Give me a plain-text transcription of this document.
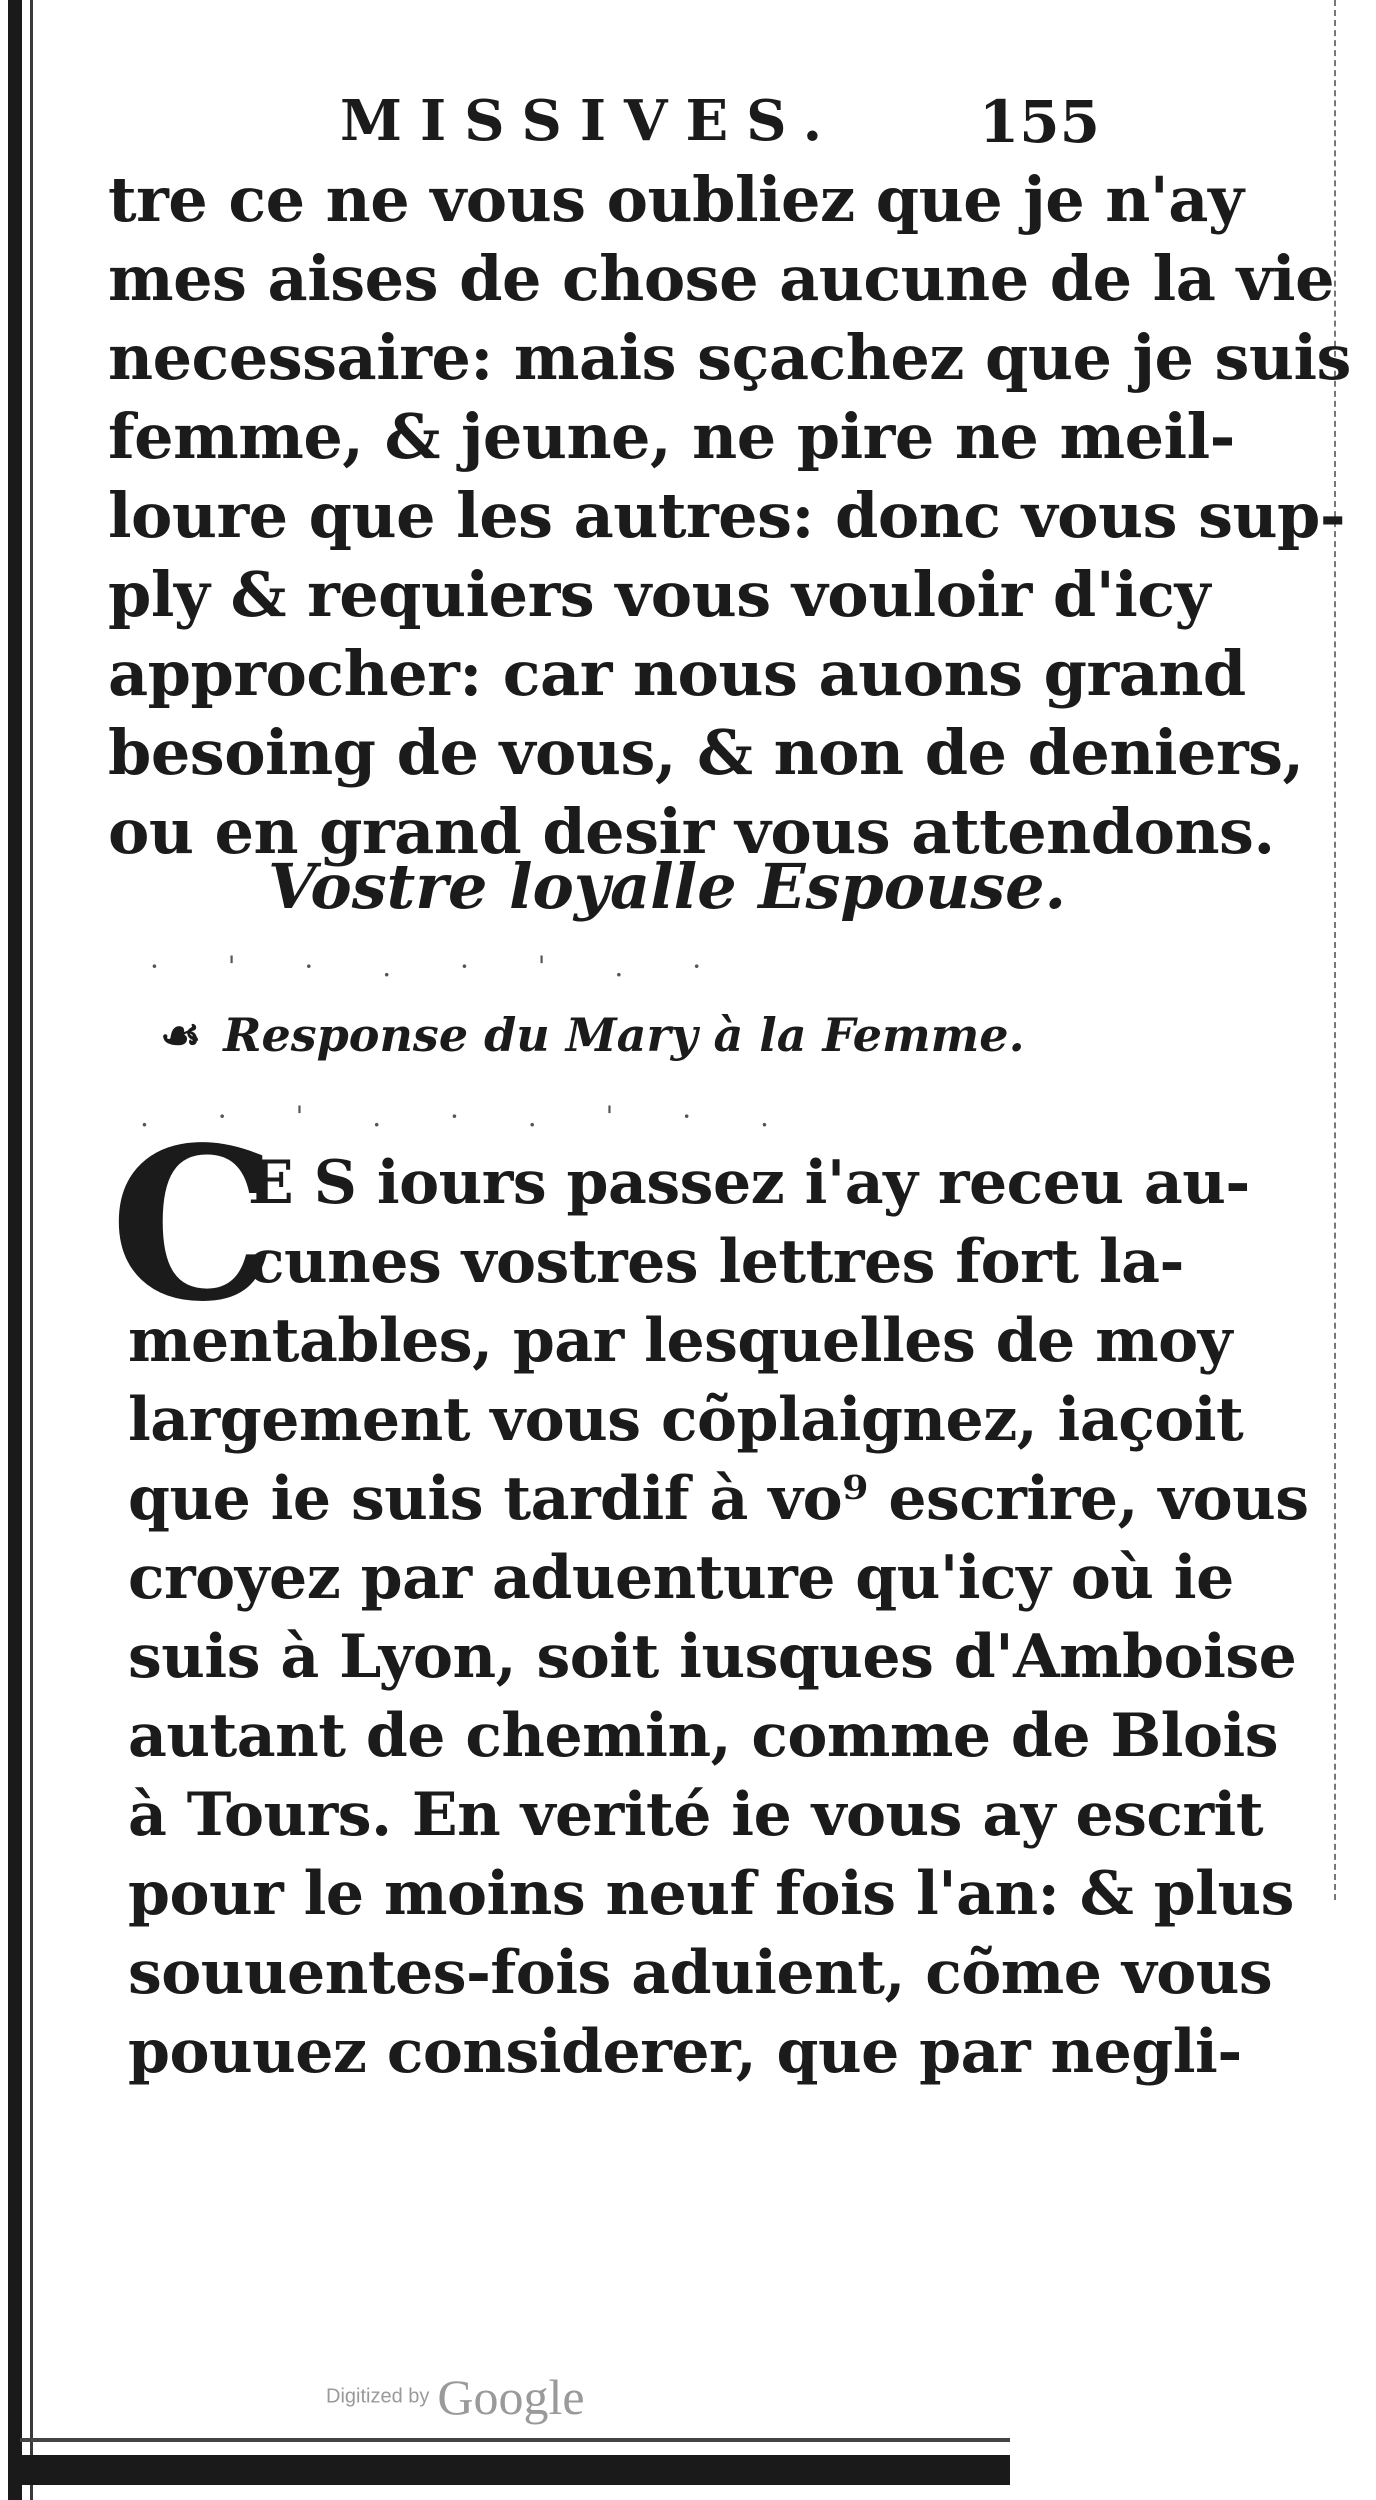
MISSIVES. 155
tre ce ne vous oubliez que je n'ay
mes aises de chose aucune de la vie
necessaire: mais sçachez que je suis
femme, & jeune, ne pire ne meil-
loure que les autres: donc vous sup-
ply & requiers vous vouloir d'icy
approcher: car nous auons grand
besoing de vous, & non de deniers,
ou en grand desir vous attendons.
Vostre loyalle Espouse.
· ' · . · ' . ·
☙ Response du Mary à la Femme.
. · ' . · . ' · .
C
E S iours passez i'ay receu au-
cunes vostres lettres fort la-
mentables, par lesquelles de moy
largement vous cõplaignez, iaçoit
que ie suis tardif à vo⁹ escrire, vous
croyez par aduenture qu'icy où ie
suis à Lyon, soit iusques d'Amboise
autant de chemin, comme de Blois
à Tours. En verité ie vous ay escrit
pour le moins neuf fois l'an: & plus
souuentes-fois aduient, cõme vous
pouuez considerer, que par negli-
Digitized by Google
